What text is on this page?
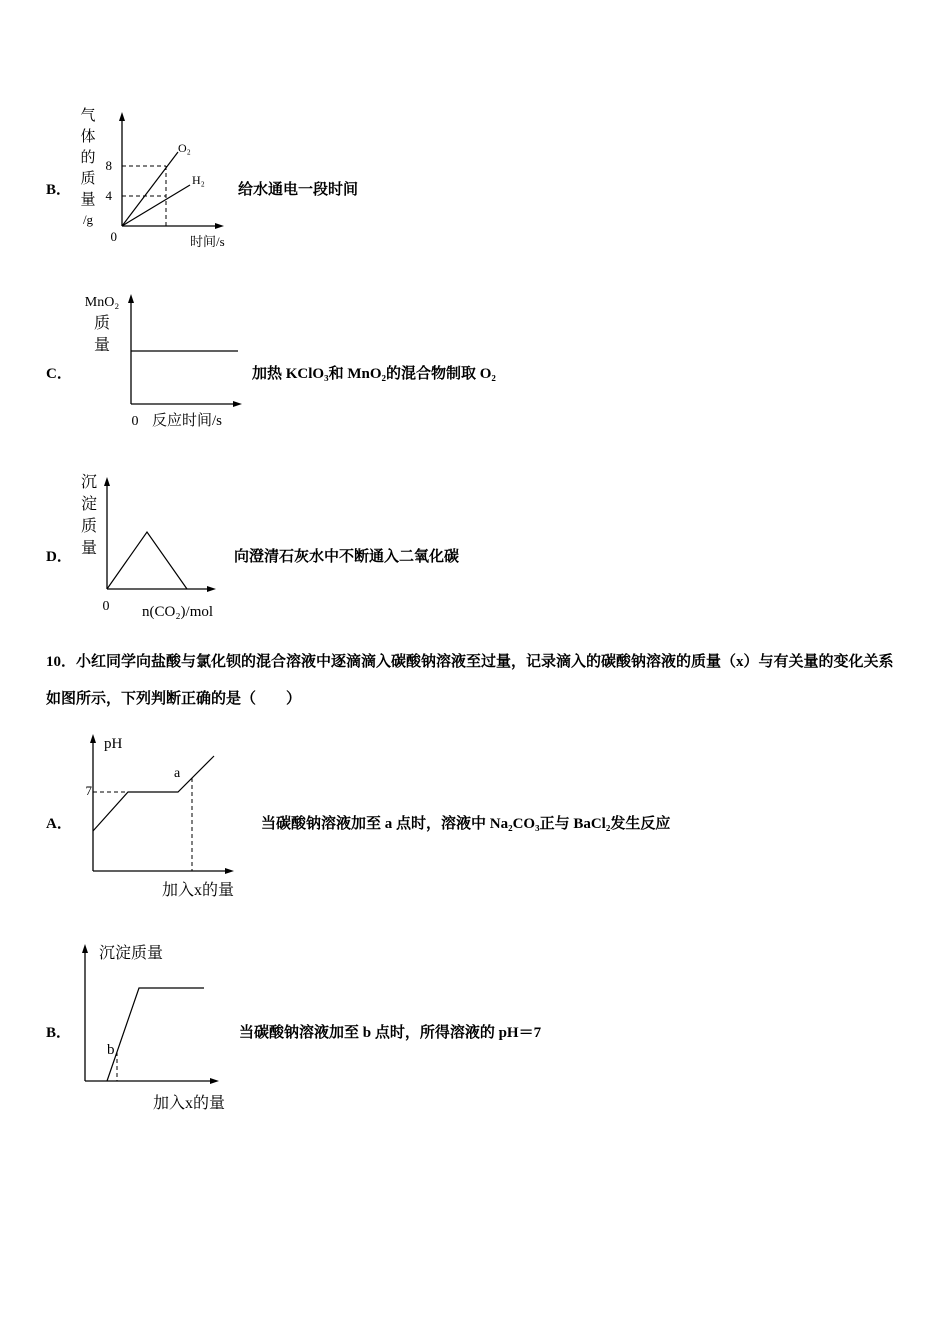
B．
气
体
的
质
量
/g
8
4
0
O₂
H₂
时间/s
给水通电一段时间
C．
MnO₂
质
量
0 反应时间/s
加热 KClO₃和 MnO₂的混合物制取 O₂
D．
沉
淀
质
量
0 n(CO₂)/mol
向澄清石灰水中不断通入二氧化碳
10．小红同学向盐酸与氯化钡的混合溶液中逐滴滴入碳酸钠溶液至过量，记录滴入的碳酸钠溶液的质量（x）与有关量的变化关系如图所示，下列判断正确的是（　　）
A．
pH
7
a
加入x的量
当碳酸钠溶液加至 a 点时，溶液中 Na₂CO₃正与 BaCl₂发生反应
B．
沉淀质量
b
加入x的量
当碳酸钠溶液加至 b 点时，所得溶液的 pH＝7
